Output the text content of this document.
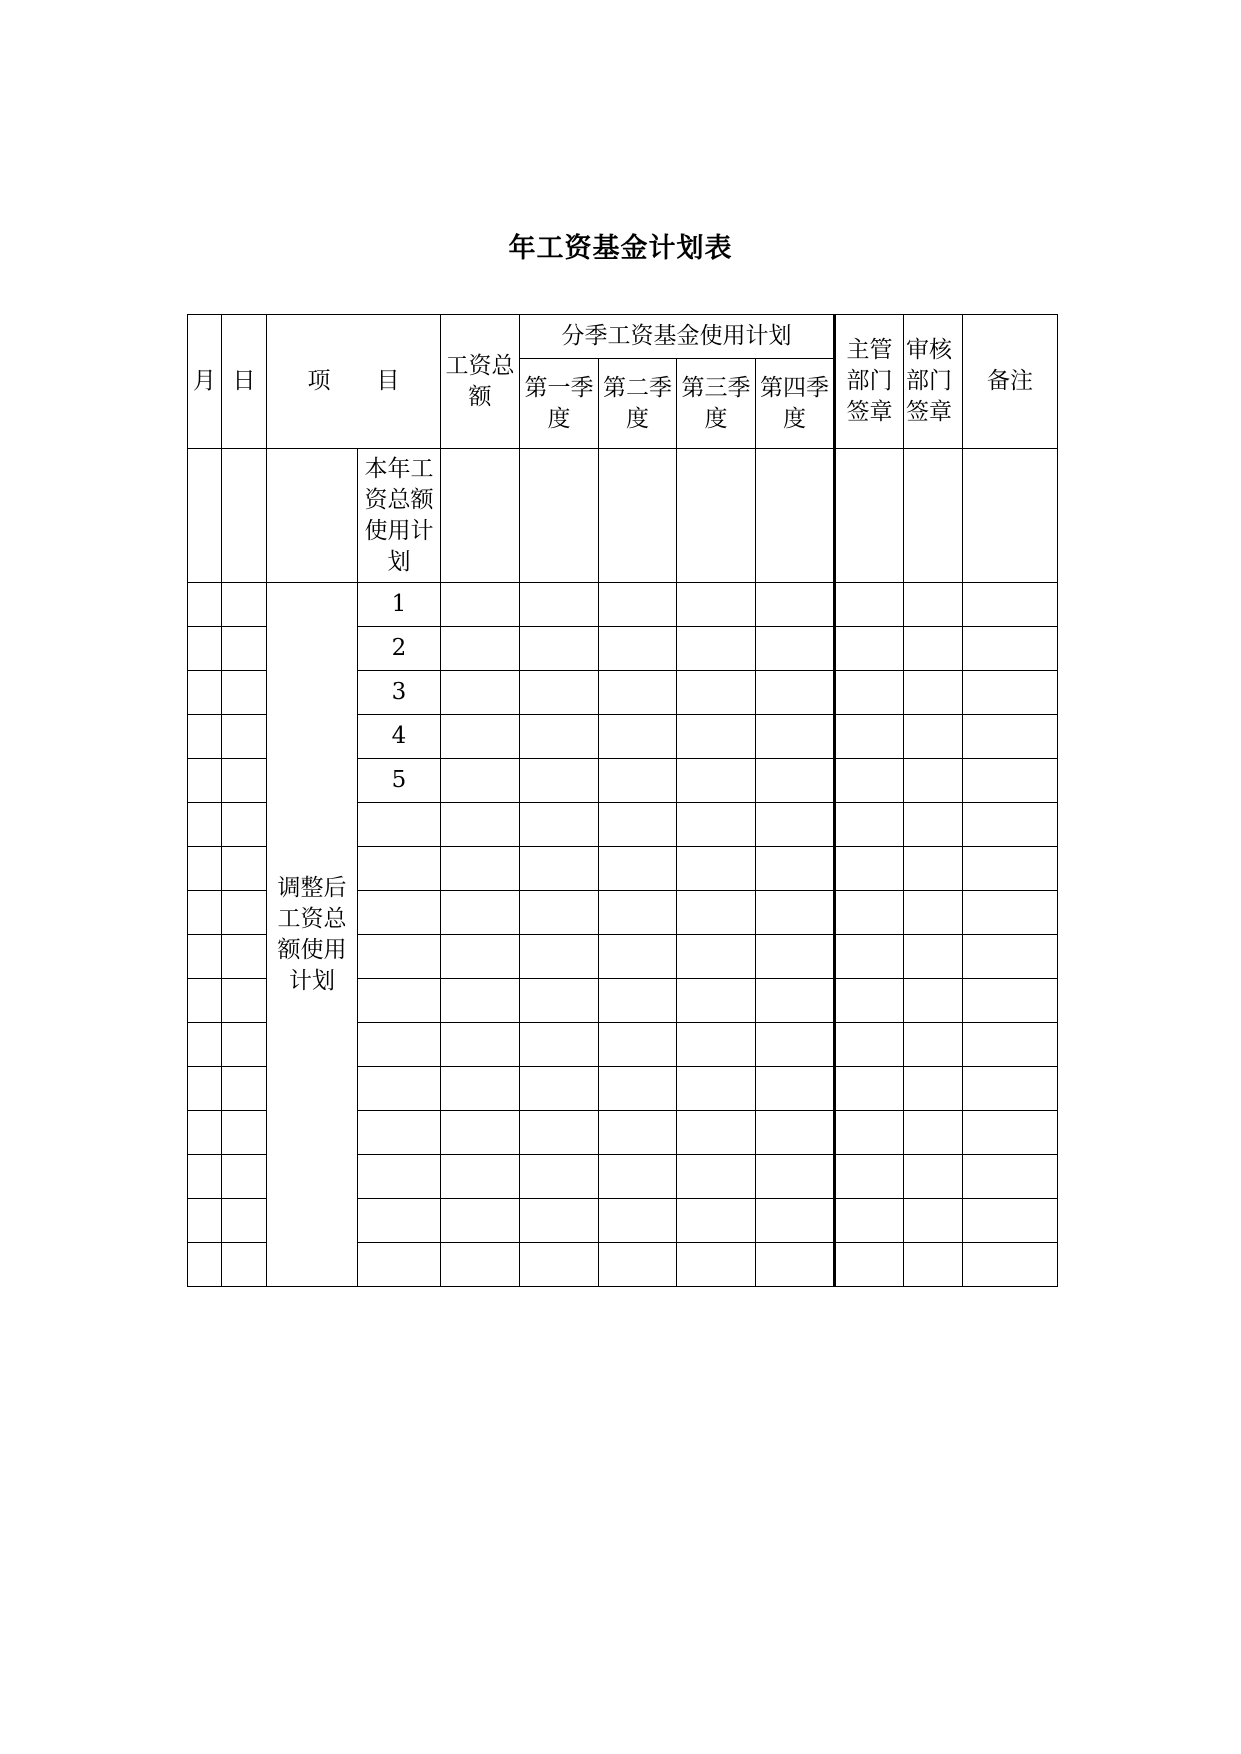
年工资基金计划表
月	日	项　　目		工资总额	分季工资基金使用计划				主管部门签章	审核部门签章	备注
					第一季度	第二季度	第三季度	第四季度			
			本年工资总额使用计划								
		调整后工资总额使用计划	1								
			2								
			3								
			4								
			5								
